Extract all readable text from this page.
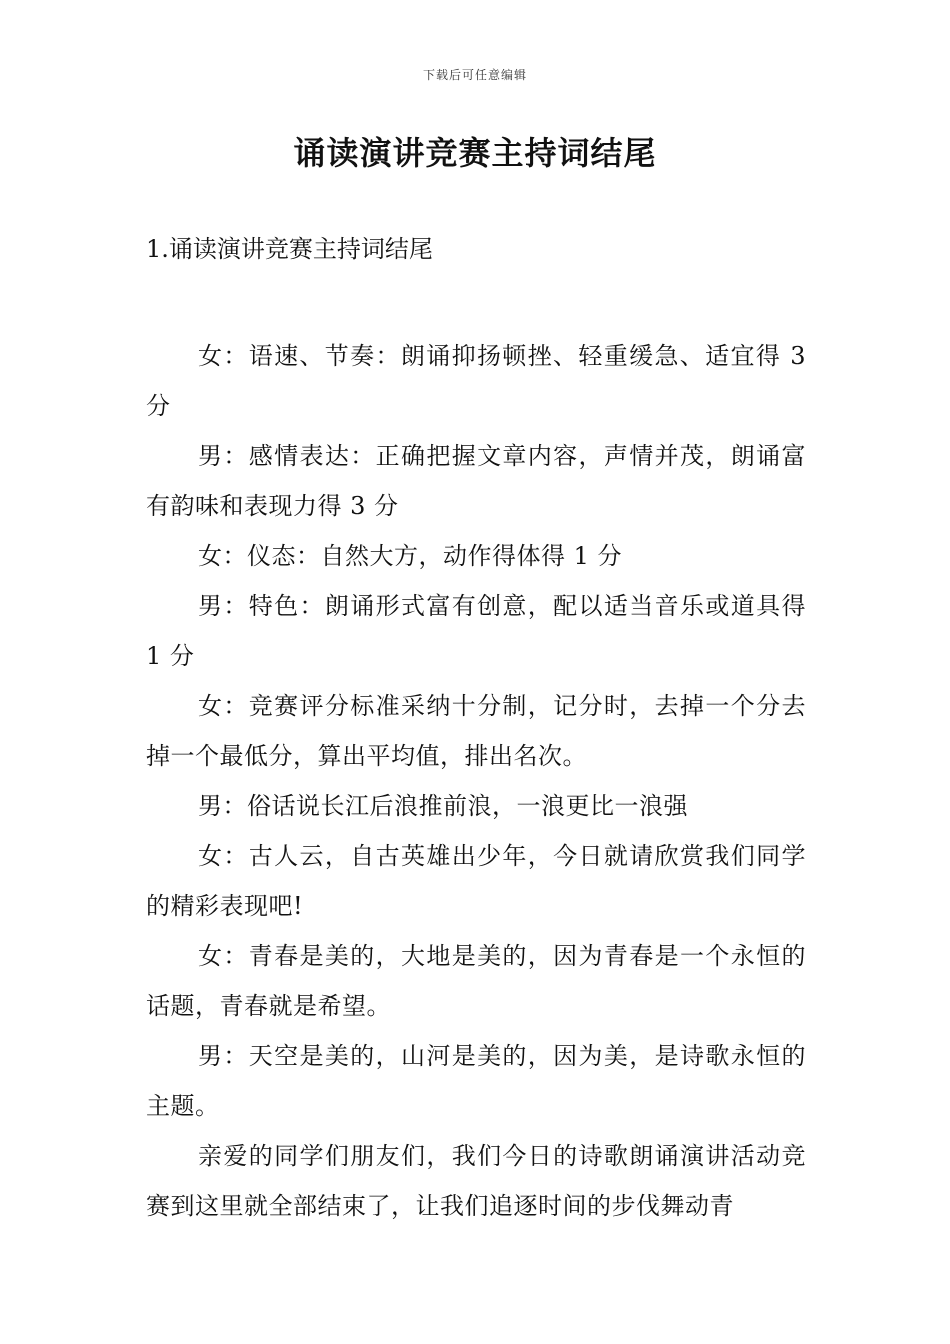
下载后可任意编辑
诵读演讲竞赛主持词结尾
1.诵读演讲竞赛主持词结尾

女：语速、节奏：朗诵抑扬顿挫、轻重缓急、适宜得 3 分

男：感情表达：正确把握文章内容，声情并茂，朗诵富有韵味和表现力得 3 分

女：仪态：自然大方，动作得体得 1 分

男：特色：朗诵形式富有创意，配以适当音乐或道具得 1 分

女：竞赛评分标准采纳十分制，记分时，去掉一个分去掉一个最低分，算出平均值，排出名次。

男：俗话说长江后浪推前浪，一浪更比一浪强

女：古人云，自古英雄出少年，今日就请欣赏我们同学的精彩表现吧!

女：青春是美的，大地是美的，因为青春是一个永恒的话题，青春就是希望。

男：天空是美的，山河是美的，因为美，是诗歌永恒的主题。

亲爱的同学们朋友们，我们今日的诗歌朗诵演讲活动竞赛到这里就全部结束了，让我们追逐时间的步伐舞动青
